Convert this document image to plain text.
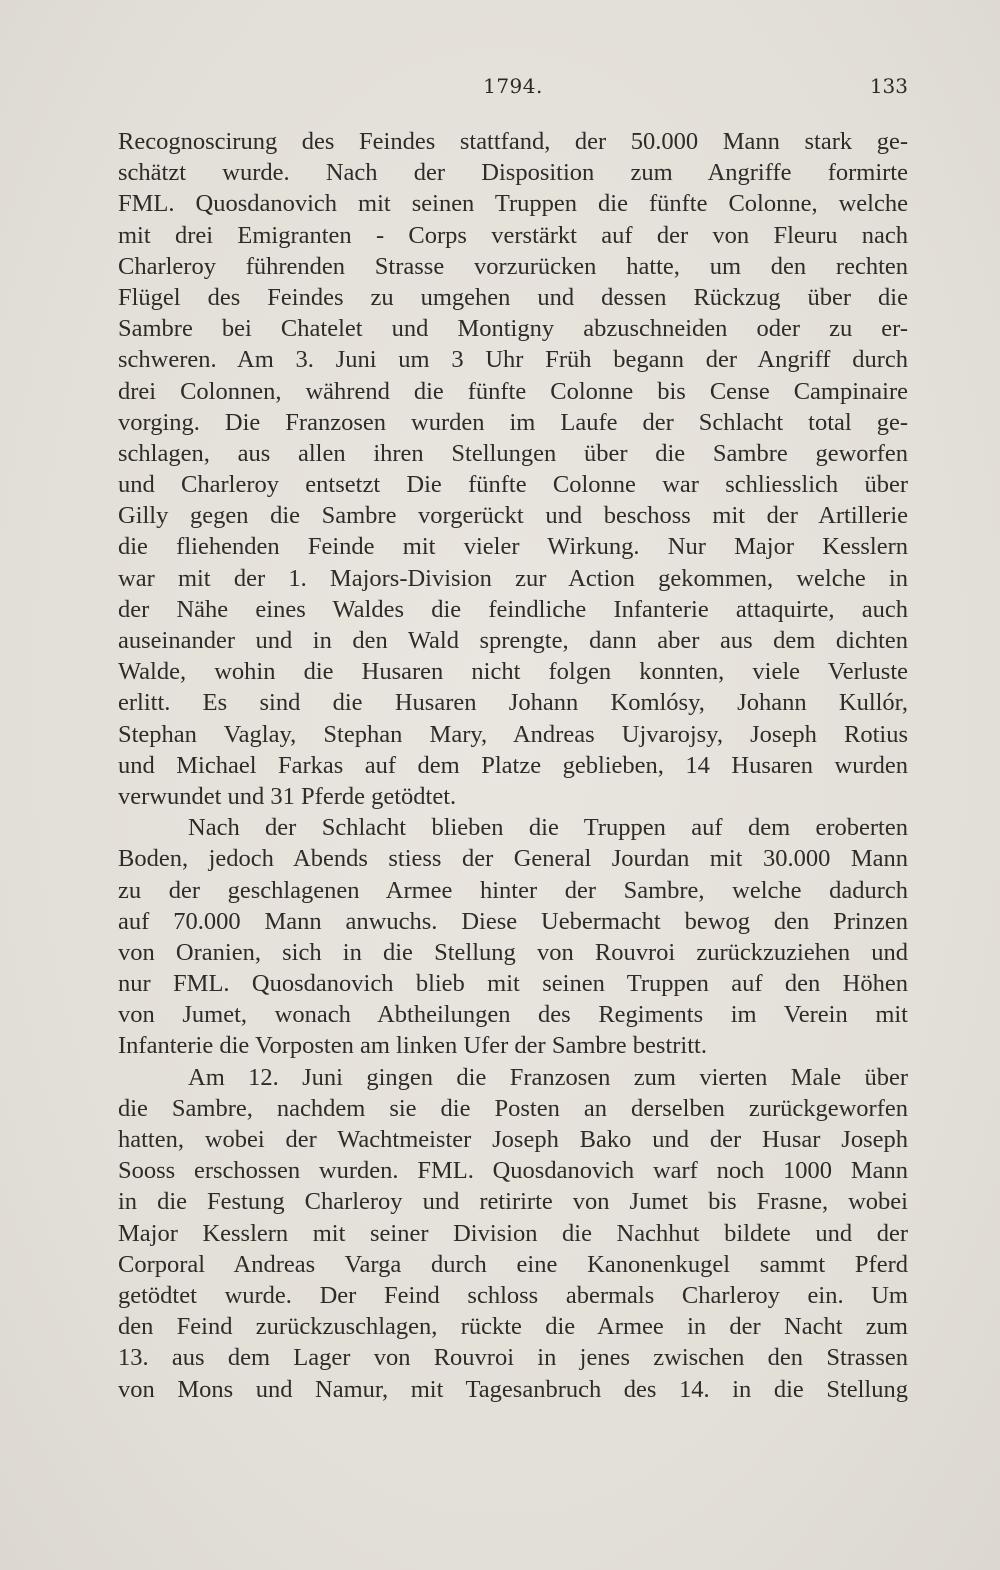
1794.	133
Recognoscirung des Feindes stattfand, der 50.000 Mann stark ge-
schätzt wurde. Nach der Disposition zum Angriffe formirte
FML. Quosdanovich mit seinen Truppen die fünfte Colonne, welche
mit drei Emigranten - Corps verstärkt auf der von Fleuru nach
Charleroy führenden Strasse vorzurücken hatte, um den rechten
Flügel des Feindes zu umgehen und dessen Rückzug über die
Sambre bei Chatelet und Montigny abzuschneiden oder zu er-
schweren. Am 3. Juni um 3 Uhr Früh begann der Angriff durch
drei Colonnen, während die fünfte Colonne bis Cense Campinaire
vorging. Die Franzosen wurden im Laufe der Schlacht total ge-
schlagen, aus allen ihren Stellungen über die Sambre geworfen
und Charleroy entsetzt Die fünfte Colonne war schliesslich über
Gilly gegen die Sambre vorgerückt und beschoss mit der Artillerie
die fliehenden Feinde mit vieler Wirkung. Nur Major Kesslern
war mit der 1. Majors-Division zur Action gekommen, welche in
der Nähe eines Waldes die feindliche Infanterie attaquirte, auch
auseinander und in den Wald sprengte, dann aber aus dem dichten
Walde, wohin die Husaren nicht folgen konnten, viele Verluste
erlitt. Es sind die Husaren Johann Komlósy, Johann Kullór,
Stephan Vaglay, Stephan Mary, Andreas Ujvarojsy, Joseph Rotius
und Michael Farkas auf dem Platze geblieben, 14 Husaren wurden
verwundet und 31 Pferde getödtet.
Nach der Schlacht blieben die Truppen auf dem eroberten
Boden, jedoch Abends stiess der General Jourdan mit 30.000 Mann
zu der geschlagenen Armee hinter der Sambre, welche dadurch
auf 70.000 Mann anwuchs. Diese Uebermacht bewog den Prinzen
von Oranien, sich in die Stellung von Rouvroi zurückzuziehen und
nur FML. Quosdanovich blieb mit seinen Truppen auf den Höhen
von Jumet, wonach Abtheilungen des Regiments im Verein mit
Infanterie die Vorposten am linken Ufer der Sambre bestritt.
Am 12. Juni gingen die Franzosen zum vierten Male über
die Sambre, nachdem sie die Posten an derselben zurückgeworfen
hatten, wobei der Wachtmeister Joseph Bako und der Husar Joseph
Sooss erschossen wurden. FML. Quosdanovich warf noch 1000 Mann
in die Festung Charleroy und retirirte von Jumet bis Frasne, wobei
Major Kesslern mit seiner Division die Nachhut bildete und der
Corporal Andreas Varga durch eine Kanonenkugel sammt Pferd
getödtet wurde. Der Feind schloss abermals Charleroy ein. Um
den Feind zurückzuschlagen, rückte die Armee in der Nacht zum
13. aus dem Lager von Rouvroi in jenes zwischen den Strassen
von Mons und Namur, mit Tagesanbruch des 14. in die Stellung
